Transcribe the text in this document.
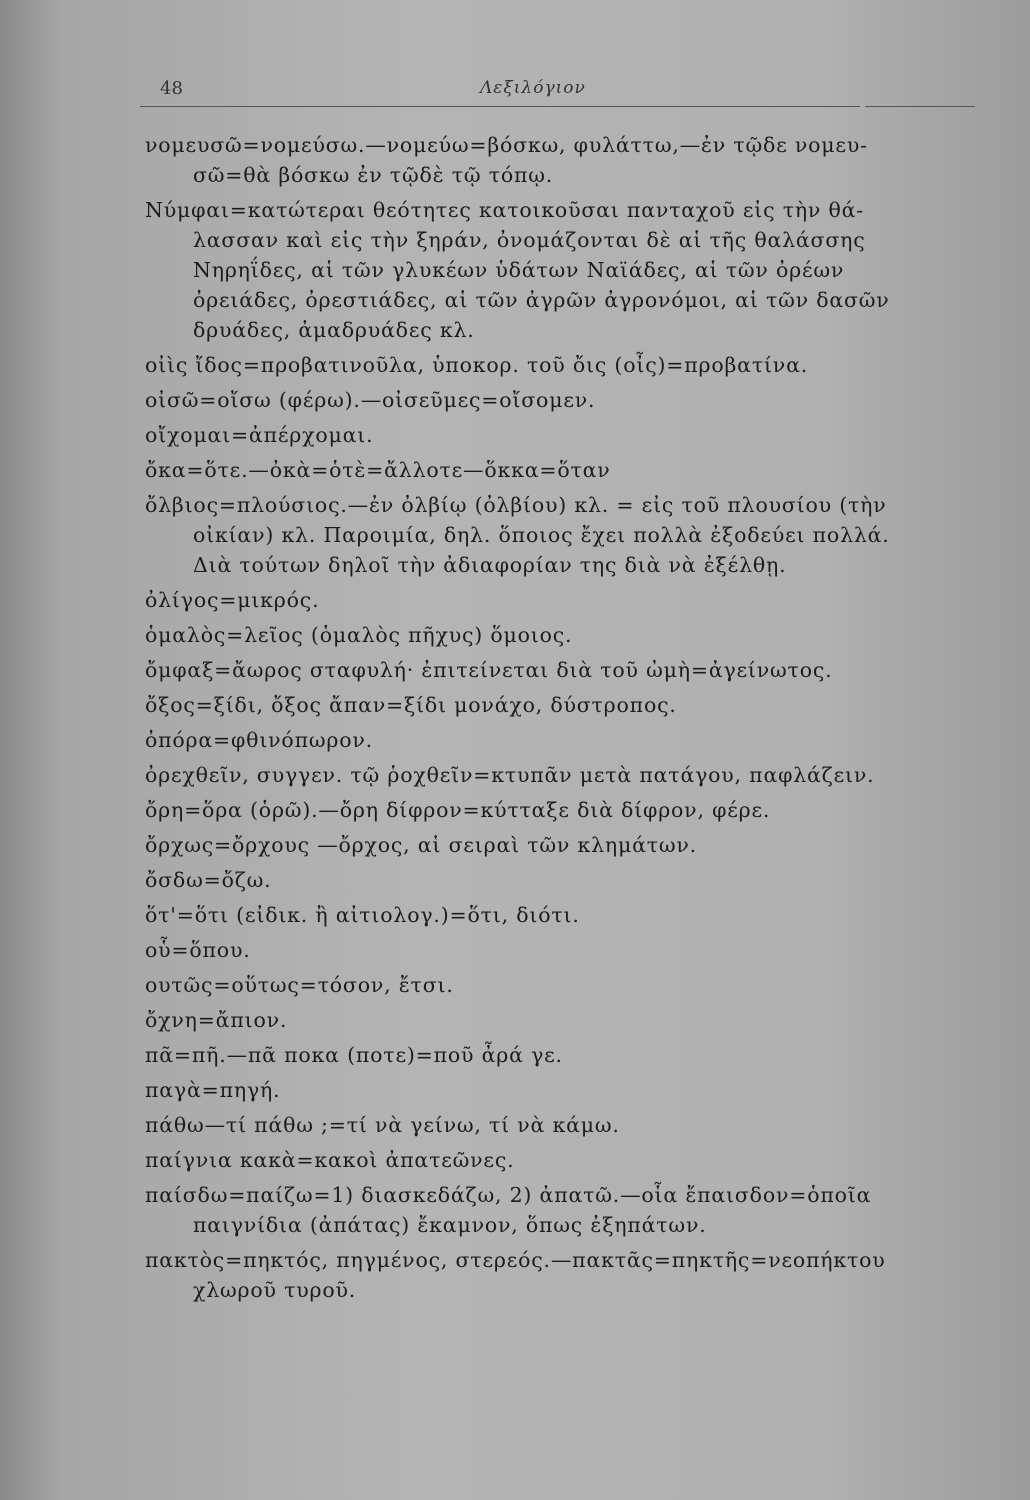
48	Λεξιλόγιον
νομευσῶ=νομεύσω.—νομεύω=βόσκω, φυλάττω,—ἐν τῷδε νομευ-
σῶ=θὰ βόσκω ἐν τῷδὲ τῷ τόπῳ.
Νύμφαι=κατώτεραι θεότητες κατοικοῦσαι πανταχοῦ εἰς τὴν θά-
λασσαν καὶ εἰς τὴν ξηράν, ὀνομάζονται δὲ αἱ τῆς θαλάσσης
Νηρηΐδες, αἱ τῶν γλυκέων ὑδάτων Ναϊάδες, αἱ τῶν ὀρέων
ὀρειάδες, ὀρεστιάδες, αἱ τῶν ἀγρῶν ἀγρονόμοι, αἱ τῶν δασῶν
δρυάδες, ἀμαδρυάδες κλ.
οἰὶς ἴδος=προβατινοῦλα, ὑποκορ. τοῦ ὄις (οἶς)=προβατίνα.
οἰσῶ=οἴσω (φέρω).—οἰσεῦμες=οἴσομεν.
οἴχομαι=ἀπέρχομαι.
ὄκα=ὅτε.—ὀκὰ=ὁτὲ=ἄλλοτε—ὅκκα=ὅταν
ὄλβιος=πλούσιος.—ἐν ὀλβίῳ (ὀλβίου) κλ. = εἰς τοῦ πλουσίου (τὴν
οἰκίαν) κλ. Παροιμία, δηλ. ὅποιος ἔχει πολλὰ ἐξοδεύει πολλά.
Διὰ τούτων δηλοῖ τὴν ἀδιαφορίαν της διὰ νὰ ἐξέλθῃ.
ὀλίγος=μικρός.
ὁμαλὸς=λεῖος (ὁμαλὸς πῆχυς) ὅμοιος.
ὄμφαξ=ἄωρος σταφυλή· ἐπιτείνεται διὰ τοῦ ὠμὴ=ἀγείνωτος.
ὄξος=ξίδι, ὄξος ἄπαν=ξίδι μονάχο, δύστροπος.
ὀπόρα=φθινόπωρον.
ὀρεχθεῖν, συγγεν. τῷ ῥοχθεῖν=κτυπᾶν μετὰ πατάγου, παφλάζειν.
ὄρη=ὅρα (ὁρῶ).—ὄρη δίφρον=κύτταξε διὰ δίφρον, φέρε.
ὄρχως=ὄρχους —ὄρχος, αἱ σειραὶ τῶν κλημάτων.
ὄσδω=ὄζω.
ὅτ'=ὅτι (εἰδικ. ἢ αἰτιολογ.)=ὅτι, διότι.
οὗ=ὅπου.
ουτῶς=οὕτως=τόσον, ἔτσι.
ὄχνη=ἄπιον.
πᾶ=πῆ.—πᾶ ποκα (ποτε)=ποῦ ἆρά γε.
παγὰ=πηγή.
πάθω—τί πάθω ;=τί νὰ γείνω, τί νὰ κάμω.
παίγνια κακὰ=κακοὶ ἀπατεῶνες.
παίσδω=παίζω=1) διασκεδάζω, 2) ἀπατῶ.—οἷα ἔπαισδον=ὁποῖα
παιγνίδια (ἀπάτας) ἔκαμνον, ὅπως ἐξηπάτων.
πακτὸς=πηκτός, πηγμένος, στερεός.—πακτᾶς=πηκτῆς=νεοπήκτου
χλωροῦ τυροῦ.
